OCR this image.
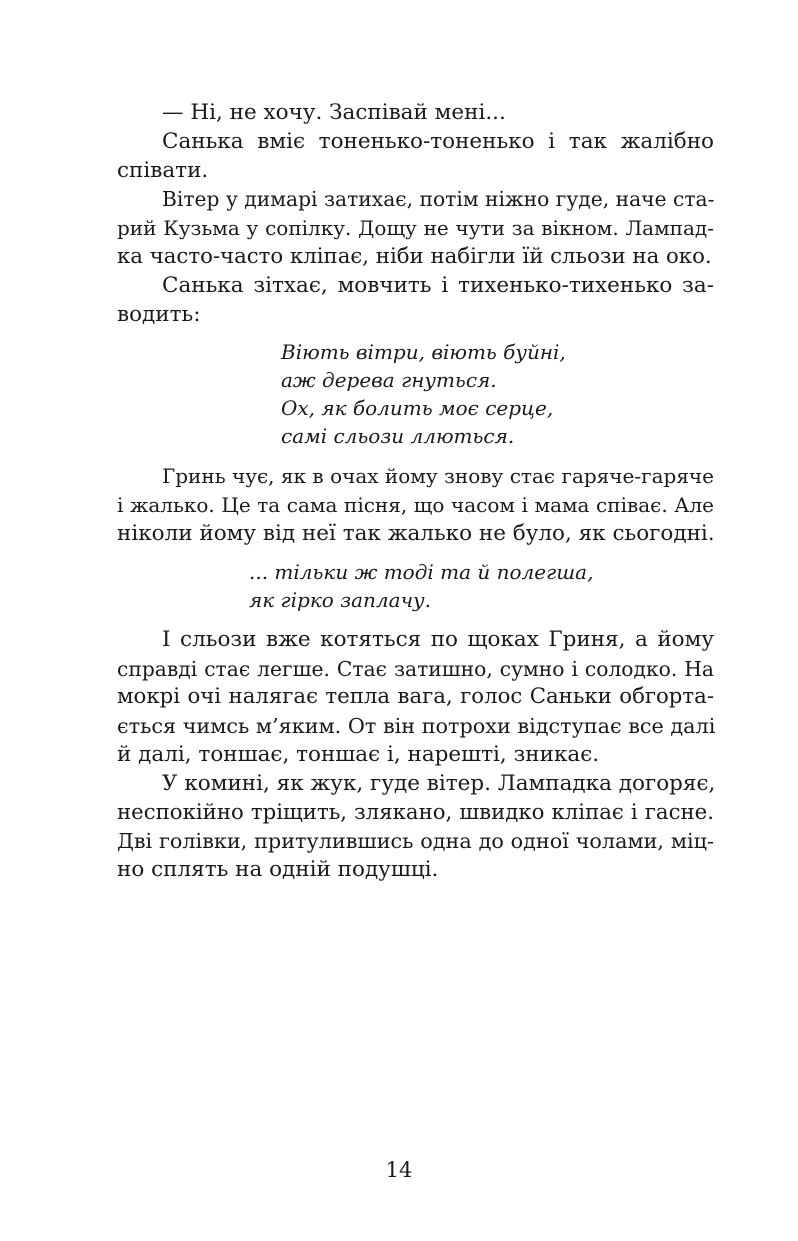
— Ні, не хочу. Заспівай мені...
Санька вміє тоненько-тоненько і так жалібно
співати.
Вітер у димарі затихає, потім ніжно гуде, наче ста-
рий Кузьма у сопілку. Дощу не чути за вікном. Лампад-
ка часто-часто кліпає, ніби набігли їй сльози на око.
Санька зітхає, мовчить і тихенько-тихенько за-
водить:
Віють вітри, віють буйні,
аж дерева гнуться.
Ох, як болить моє серце,
самі сльози ллються.
Гринь чує, як в очах йому знову стає гаряче-гаряче
і жалько. Це та сама пісня, що часом і мама співає. Але
ніколи йому від неї так жалько не було, як сьогодні.
... тільки ж тоді та й полегша,
як гірко заплачу.
І сльози вже котяться по щоках Гриня, а йому
справді стає легше. Стає затишно, сумно і солодко. На
мокрі очі налягає тепла вага, голос Саньки обгорта-
ється чимсь м’яким. От він потрохи відступає все далі
й далі, тоншає, тоншає і, нарешті, зникає.
У комині, як жук, гуде вітер. Лампадка догоряє,
неспокійно тріщить, злякано, швидко кліпає і гасне.
Дві голівки, притулившись одна до одної чолами, міц-
но сплять на одній подушці.
14
